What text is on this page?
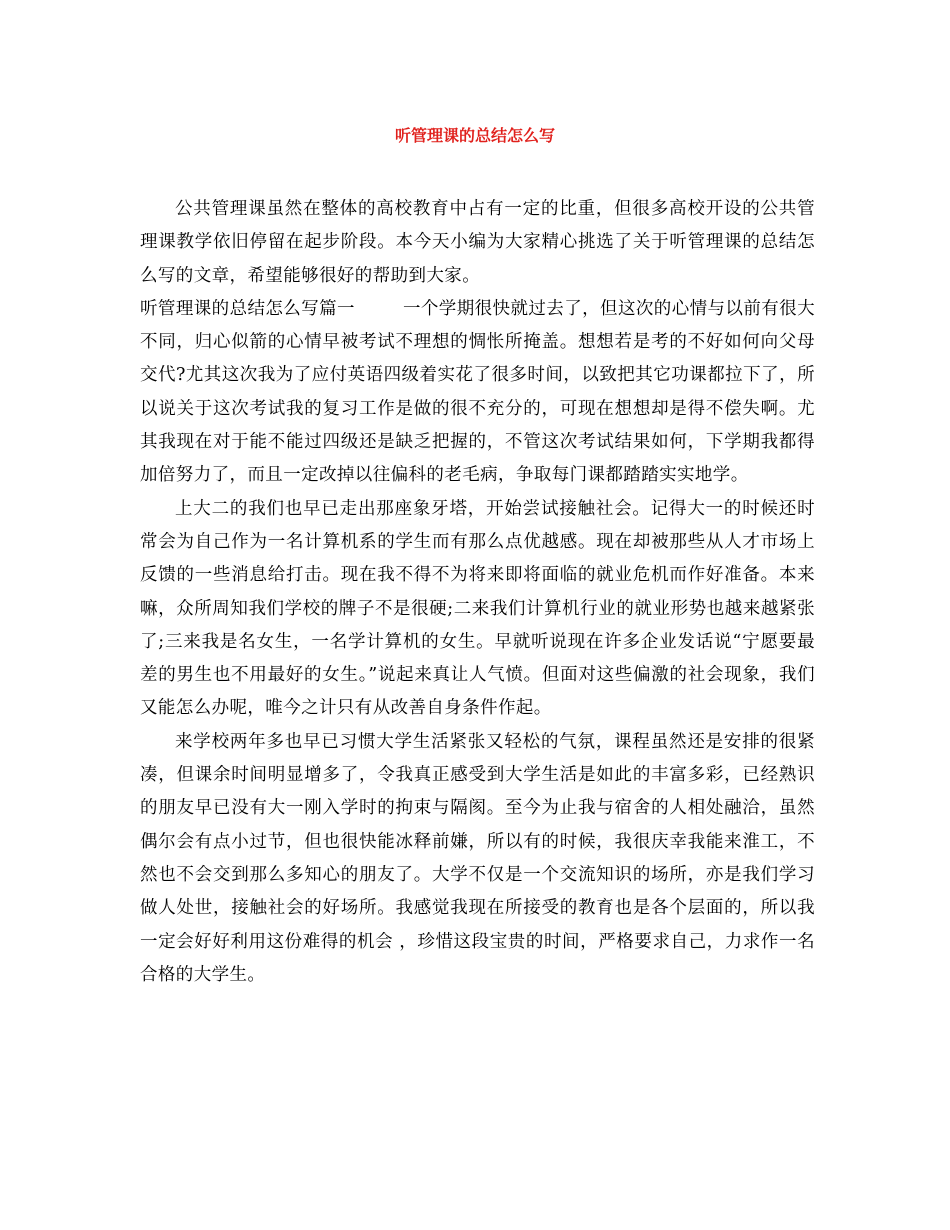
听管理课的总结怎么写

公共管理课虽然在整体的高校教育中占有一定的比重，但很多高校开设的公共管理课教学依旧停留在起步阶段。本今天小编为大家精心挑选了关于听管理课的总结怎么写的文章，希望能够很好的帮助到大家。

听管理课的总结怎么写篇一	一个学期很快就过去了，但这次的心情与以前有很大不同，归心似箭的心情早被考试不理想的惆怅所掩盖。想想若是考的不好如何向父母交代?尤其这次我为了应付英语四级着实花了很多时间，以致把其它功课都拉下了，所以说关于这次考试我的复习工作是做的很不充分的，可现在想想却是得不偿失啊。尤其我现在对于能不能过四级还是缺乏把握的，不管这次考试结果如何，下学期我都得加倍努力了，而且一定改掉以往偏科的老毛病，争取每门课都踏踏实实地学。

上大二的我们也早已走出那座象牙塔，开始尝试接触社会。记得大一的时候还时常会为自己作为一名计算机系的学生而有那么点优越感。现在却被那些从人才市场上反馈的一些消息给打击。现在我不得不为将来即将面临的就业危机而作好准备。本来嘛，众所周知我们学校的牌子不是很硬;二来我们计算机行业的就业形势也越来越紧张了;三来我是名女生，一名学计算机的女生。早就听说现在许多企业发话说“宁愿要最差的男生也不用最好的女生。”说起来真让人气愤。但面对这些偏激的社会现象，我们又能怎么办呢，唯今之计只有从改善自身条件作起。

来学校两年多也早已习惯大学生活紧张又轻松的气氛，课程虽然还是安排的很紧凑，但课余时间明显增多了，令我真正感受到大学生活是如此的丰富多彩，已经熟识的朋友早已没有大一刚入学时的拘束与隔阂。至今为止我与宿舍的人相处融洽，虽然偶尔会有点小过节，但也很快能冰释前嫌，所以有的时候，我很庆幸我能来淮工，不然也不会交到那么多知心的朋友了。大学不仅是一个交流知识的场所，亦是我们学习做人处世，接触社会的好场所。我感觉我现在所接受的教育也是各个层面的，所以我一定会好好利用这份难得的机会 ，珍惜这段宝贵的时间，严格要求自己，力求作一名合格的大学生。
